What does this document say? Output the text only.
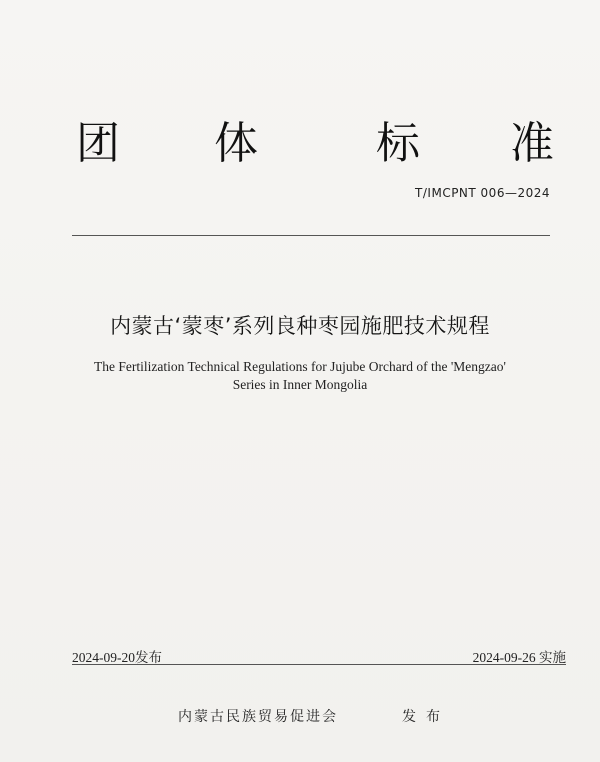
团 体	标 准
T/IMCPNT 006—2024
内蒙古‘蒙枣’系列良种枣园施肥技术规程
The Fertilization Technical Regulations for Jujube Orchard of the 'Mengzao'
Series in Inner Mongolia
2024-09-20发布	2024-09-26 实施
内蒙古民族贸易促进会	发布
